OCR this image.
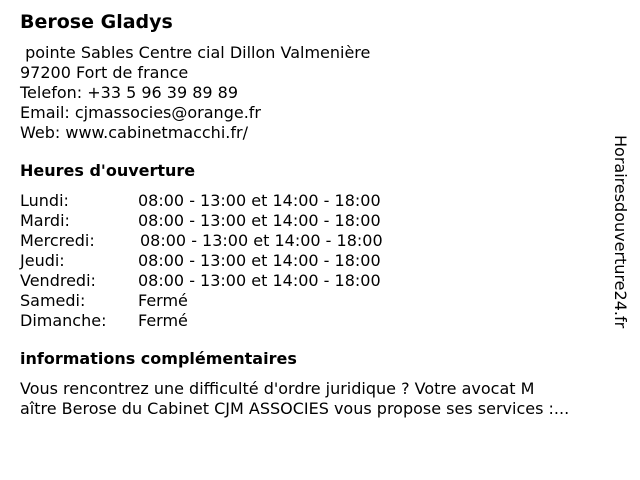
Berose Gladys
pointe Sables Centre cial Dillon Valmenière
97200 Fort de france
Telefon: +33 5 96 39 89 89
Email: cjmassocies@orange.fr
Web: www.cabinetmacchi.fr/
Heures d'ouverture
Lundi:	08:00 - 13:00 et 14:00 - 18:00
Mardi:	08:00 - 13:00 et 14:00 - 18:00
Mercredi:	08:00 - 13:00 et 14:00 - 18:00
Jeudi:	08:00 - 13:00 et 14:00 - 18:00
Vendredi:	08:00 - 13:00 et 14:00 - 18:00
Samedi:	Fermé
Dimanche:	Fermé
informations complémentaires
Vous rencontrez une difficulté d'ordre juridique ? Votre avocat M
aître Berose du Cabinet CJM ASSOCIES vous propose ses services :...
Horairesdouverture24.fr
